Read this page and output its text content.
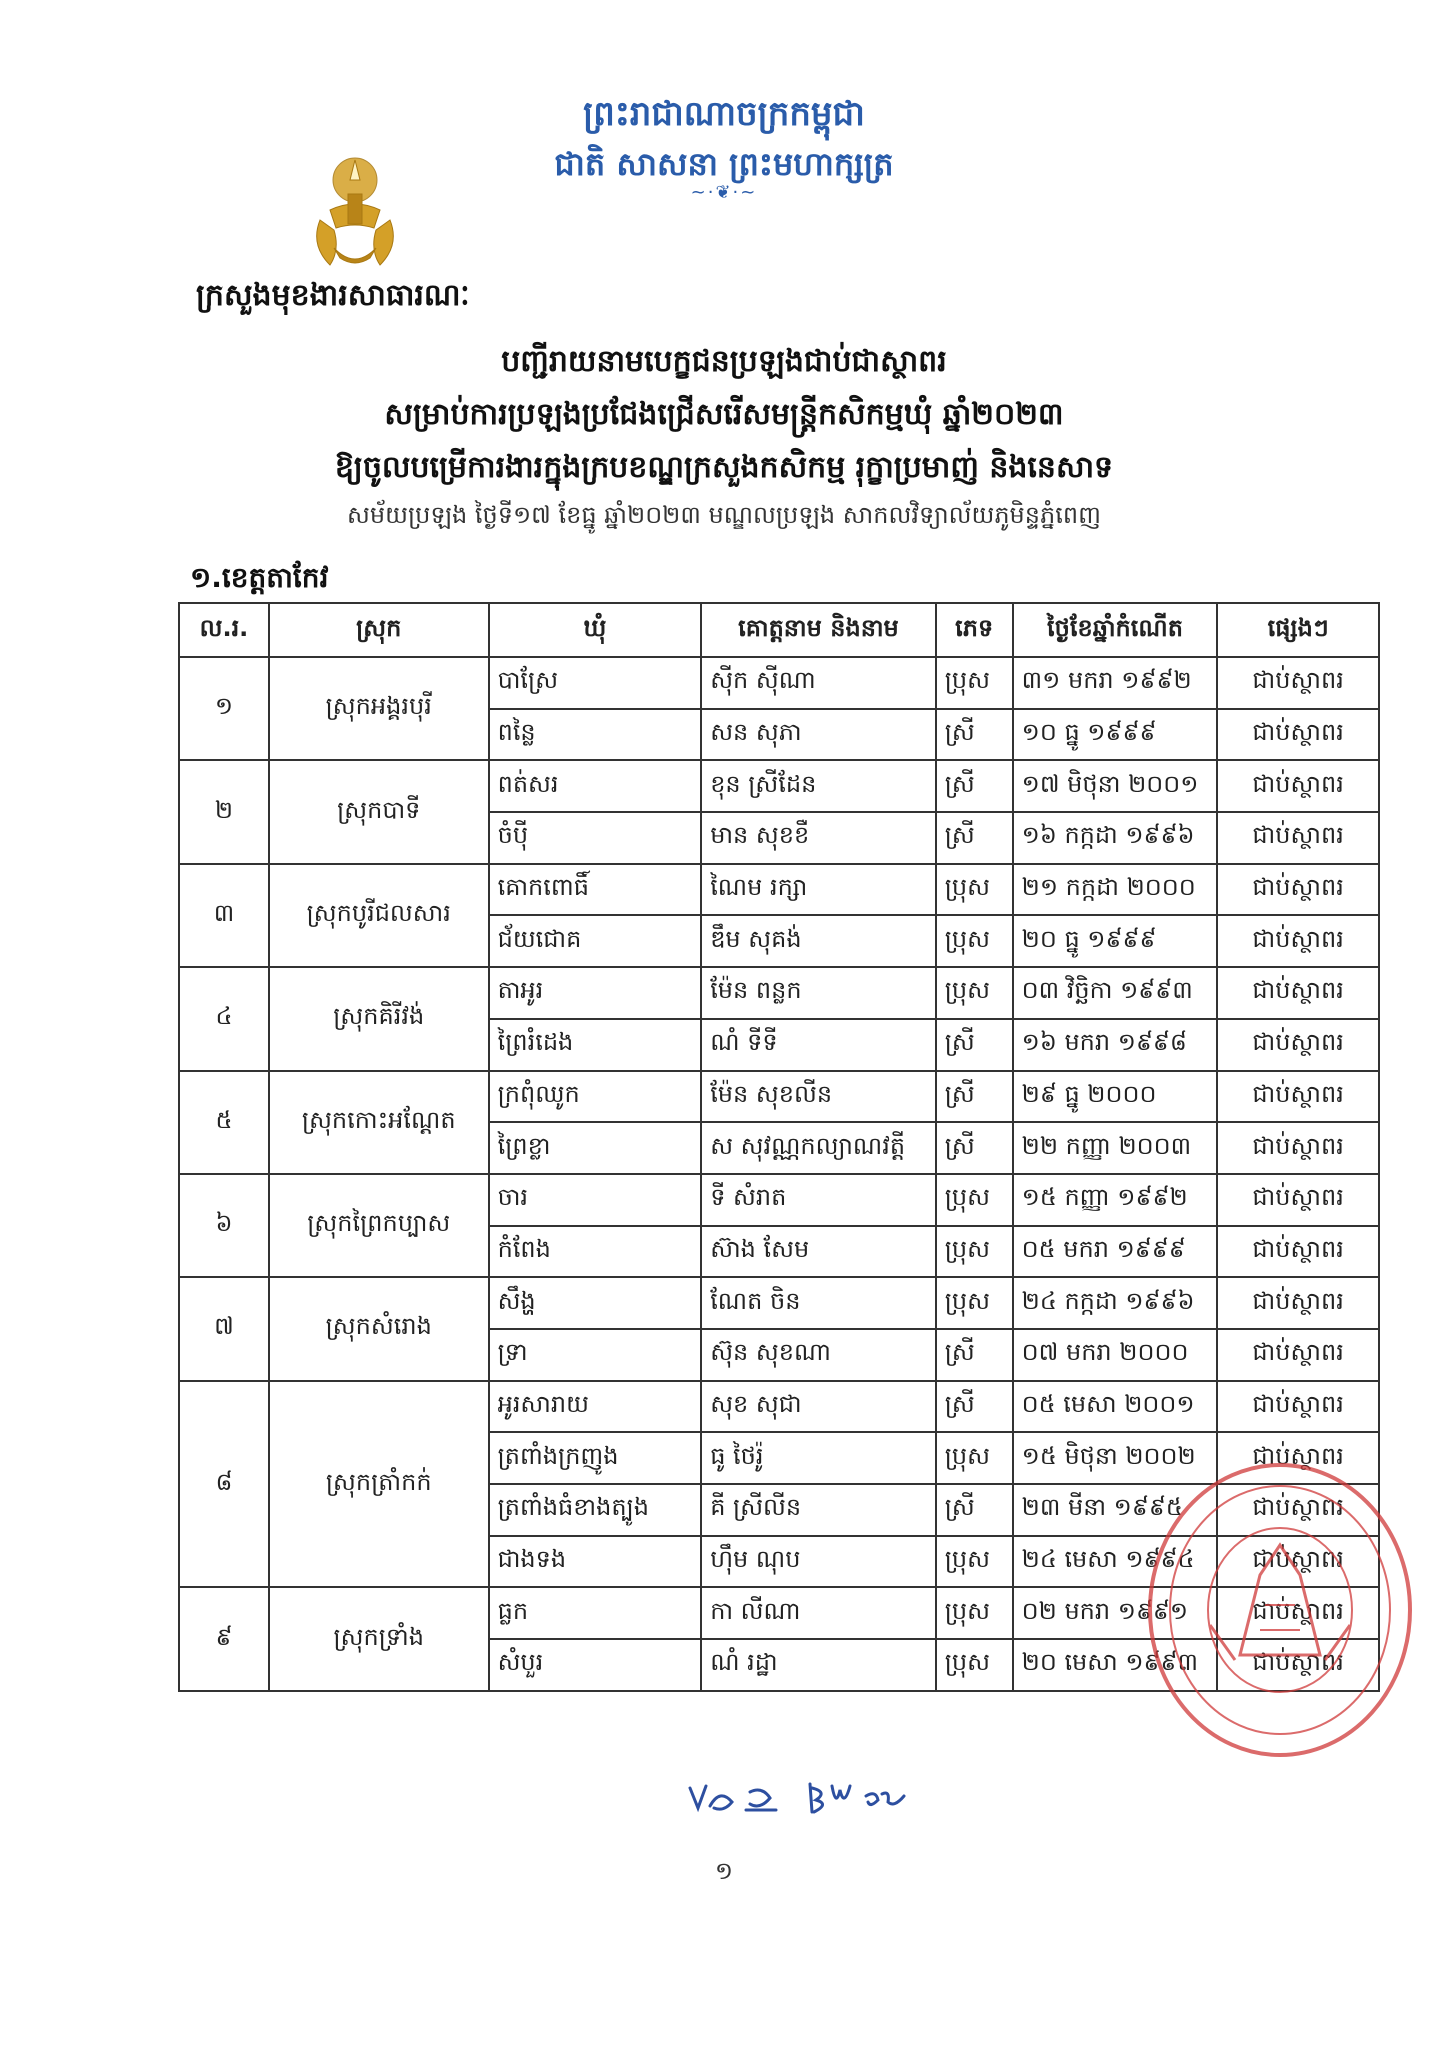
ព្រះរាជាណាចក្រកម្ពុជា
ជាតិ សាសនា ព្រះមហាក្សត្រ
~·❦·~
ក្រសួងមុខងារសាធារណៈ
បញ្ជីរាយនាមបេក្ខជនប្រឡងជាប់ជាស្ថាពរ
សម្រាប់ការប្រឡងប្រជែងជ្រើសរើសមន្ត្រីកសិកម្មឃុំ ឆ្នាំ២០២៣
ឱ្យចូលបម្រើការងារក្នុងក្របខណ្ឌក្រសួងកសិកម្ម រុក្ខាប្រមាញ់ និងនេសាទ
សម័យប្រឡង ថ្ងៃទី១៧ ខែធ្នូ ឆ្នាំ២០២៣ មណ្ឌលប្រឡង សាកលវិទ្យាល័យភូមិន្ទភ្នំពេញ
១.ខេត្តតាកែវ
ល.រ.	ស្រុក	ឃុំ	គោត្តនាម និងនាម	ភេទ	ថ្ងៃខែឆ្នាំកំណើត	ផ្សេងៗ
១	ស្រុកអង្គរបុរី	បាស្រែ	ស៊ីក ស៊ីណា	ប្រុស	៣១ មករា ១៩៩២	ជាប់ស្ថាពរ
		ពន្លៃ	សន សុភា	ស្រី	១០ ធ្នូ ១៩៩៩	ជាប់ស្ថាពរ
២	ស្រុកបាទី	ពត់សរ	ខុន ស្រីដែន	ស្រី	១៧ មិថុនា ២០០១	ជាប់ស្ថាពរ
		ចំប៉ី	មាន សុខខឺ	ស្រី	១៦ កក្កដា ១៩៩៦	ជាប់ស្ថាពរ
៣	ស្រុកបូរីជលសារ	គោកពោធិ៍	ណៃម រក្សា	ប្រុស	២១ កក្កដា ២០០០	ជាប់ស្ថាពរ
		ជ័យជោគ	ឌឹម សុគង់	ប្រុស	២០ ធ្នូ ១៩៩៩	ជាប់ស្ថាពរ
៤	ស្រុកគិរីវង់	តាអូរ	ម៉ែន ពន្លក	ប្រុស	០៣ វិច្ឆិកា ១៩៩៣	ជាប់ស្ថាពរ
		ព្រៃរំដេង	ណំ ទីទី	ស្រី	១៦ មករា ១៩៩៨	ជាប់ស្ថាពរ
៥	ស្រុកកោះអណ្ដែត	ក្រពុំឈូក	ម៉ែន សុខលីន	ស្រី	២៩ ធ្នូ ២០០០	ជាប់ស្ថាពរ
		ព្រៃខ្លា	ស សុវណ្ណកល្យាណវត្តី	ស្រី	២២ កញ្ញា ២០០៣	ជាប់ស្ថាពរ
៦	ស្រុកព្រៃកប្បាស	ចារ	ទី សំរាត	ប្រុស	១៥ កញ្ញា ១៩៩២	ជាប់ស្ថាពរ
		កំពែង	ស៊ាង សែម	ប្រុស	០៥ មករា ១៩៩៩	ជាប់ស្ថាពរ
៧	ស្រុកសំរោង	សឹង្ហ	ណែត ចិន	ប្រុស	២៤ កក្កដា ១៩៩៦	ជាប់ស្ថាពរ
		ទ្រា	ស៊ុន សុខណា	ស្រី	០៧ មករា ២០០០	ជាប់ស្ថាពរ
៨	ស្រុកត្រាំកក់	អូរសារាយ	សុខ សុជា	ស្រី	០៥ មេសា ២០០១	ជាប់ស្ថាពរ
		ត្រពាំងក្រញូង	ធូ ថៃរ៉ូ	ប្រុស	១៥ មិថុនា ២០០២	ជាប់ស្ថាពរ
		ត្រពាំងធំខាងត្បូង	គី ស្រីលីន	ស្រី	២៣ មីនា ១៩៩៥	ជាប់ស្ថាពរ
		ជាងទង	ហ៊ឹម ណុប	ប្រុស	២៤ មេសា ១៩៩៤	ជាប់ស្ថាពរ
៩	ស្រុកទ្រាំង	ធ្លក	កា លីណា	ប្រុស	០២ មករា ១៩៩១	ជាប់ស្ថាពរ
		សំបួរ	ណំ រដ្ឋា	ប្រុស	២០ មេសា ១៩៩៣	ជាប់ស្ថាពរ
១
